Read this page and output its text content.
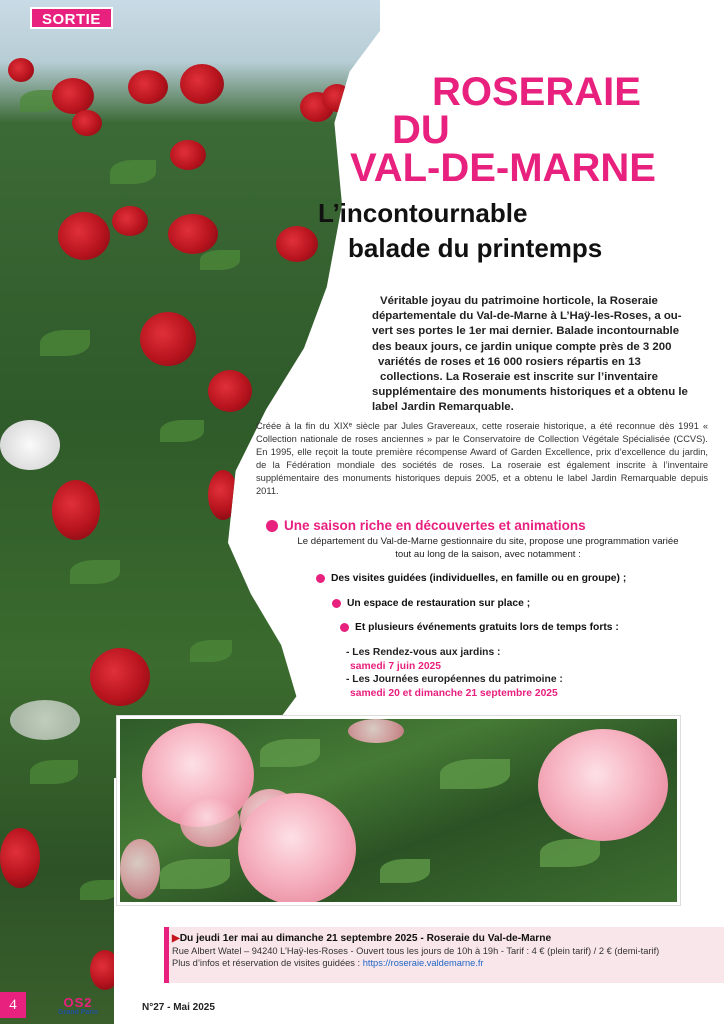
SORTIE
ROSERAIE
DU
VAL-DE-MARNE
L’incontournable
balade du printemps
Véritable joyau du patrimoine horticole, la Roseraie
départementale du Val-de-Marne à L’Haÿ-les-Roses, a ou-
vert ses portes le 1er mai dernier. Balade incontournable
des beaux jours, ce jardin unique compte près de 3 200
variétés de roses et 16 000 rosiers répartis en 13
collections. La Roseraie est inscrite sur l’inventaire
supplémentaire des monuments historiques et a obtenu le
label Jardin Remarquable.

Créée à la fin du XIXᵉ siècle par Jules Gravereaux, cette roseraie historique, a été reconnue dès 1991 « Collection nationale de roses anciennes » par le Conservatoire de Collection Végétale Spécialisée (CCVS). En 1995, elle reçoit la toute première récompense Award of Garden Excellence, prix d’excellence du jardin, de la Fédération mondiale des sociétés de roses. La roseraie est également inscrite à l’inventaire supplémentaire des monuments historiques depuis 2005, et a obtenu le label Jardin Remarquable depuis 2011.

Une saison riche en découvertes et animations

Le département du Val-de-Marne gestionnaire du site, propose une programmation variée tout au long de la saison, avec notamment :

Des visites guidées (individuelles, en famille ou en groupe) ;
Un espace de restauration sur place ;
Et plusieurs événements gratuits lors de temps forts :
- Les Rendez-vous aux jardins :
samedi 7 juin 2025
- Les Journées européennes du patrimoine :
samedi 20 et dimanche 21 septembre 2025
▶Du jeudi 1er mai au dimanche 21 septembre 2025 - Roseraie du Val-de-Marne
Rue Albert Watel – 94240 L’Haÿ-les-Roses - Ouvert tous les jours de 10h à 19h - Tarif : 4 € (plein tarif) / 2 € (demi-tarif)
Plus d’infos et réservation de visites guidées : https://roseraie.valdemarne.fr
4	OS2
Grand Paris	N°27 - Mai 2025
